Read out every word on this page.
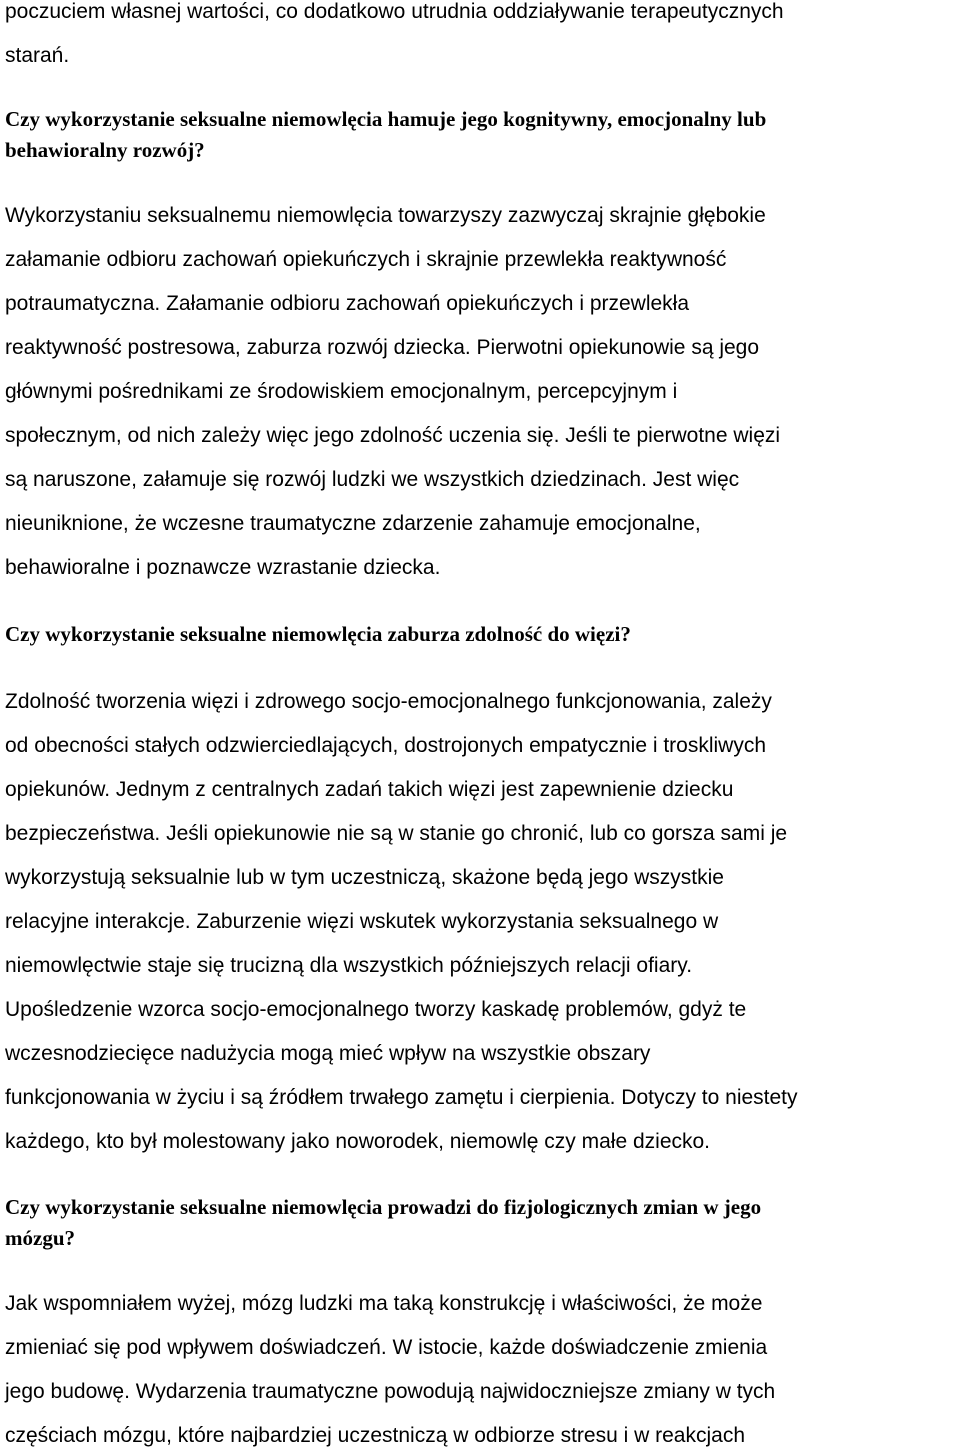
poczuciem własnej wartości, co dodatkowo utrudnia oddziaływanie terapeutycznych
starań.

Czy wykorzystanie seksualne niemowlęcia hamuje jego kognitywny, emocjonalny lub
behawioralny rozwój?

Wykorzystaniu seksualnemu niemowlęcia towarzyszy zazwyczaj skrajnie głębokie
załamanie odbioru zachowań opiekuńczych i skrajnie przewlekła reaktywność
potraumatyczna. Załamanie odbioru zachowań opiekuńczych i przewlekła
reaktywność postresowa, zaburza rozwój dziecka. Pierwotni opiekunowie są jego
głównymi pośrednikami ze środowiskiem emocjonalnym, percepcyjnym i
społecznym, od nich zależy więc jego zdolność uczenia się. Jeśli te pierwotne więzi
są naruszone, załamuje się rozwój ludzki we wszystkich dziedzinach. Jest więc
nieuniknione, że wczesne traumatyczne zdarzenie zahamuje emocjonalne,
behawioralne i poznawcze wzrastanie dziecka.

Czy wykorzystanie seksualne niemowlęcia zaburza zdolność do więzi?

Zdolność tworzenia więzi i zdrowego socjo-emocjonalnego funkcjonowania, zależy
od obecności stałych odzwierciedlających, dostrojonych empatycznie i troskliwych
opiekunów. Jednym z centralnych zadań takich więzi jest zapewnienie dziecku
bezpieczeństwa. Jeśli opiekunowie nie są w stanie go chronić, lub co gorsza sami je
wykorzystują seksualnie lub w tym uczestniczą, skażone będą jego wszystkie
relacyjne interakcje. Zaburzenie więzi wskutek wykorzystania seksualnego w
niemowlęctwie staje się trucizną dla wszystkich późniejszych relacji ofiary.
Upośledzenie wzorca socjo-emocjonalnego tworzy kaskadę problemów, gdyż te
wczesnodziecięce nadużycia mogą mieć wpływ na wszystkie obszary
funkcjonowania w życiu i są źródłem trwałego zamętu i cierpienia. Dotyczy to niestety
każdego, kto był molestowany jako noworodek, niemowlę czy małe dziecko.

Czy wykorzystanie seksualne niemowlęcia prowadzi do fizjologicznych zmian w jego
mózgu?

Jak wspomniałem wyżej, mózg ludzki ma taką konstrukcję i właściwości, że może
zmieniać się pod wpływem doświadczeń. W istocie, każde doświadczenie zmienia
jego budowę. Wydarzenia traumatyczne powodują najwidoczniejsze zmiany w tych
częściach mózgu, które najbardziej uczestniczą w odbiorze stresu i w reakcjach
